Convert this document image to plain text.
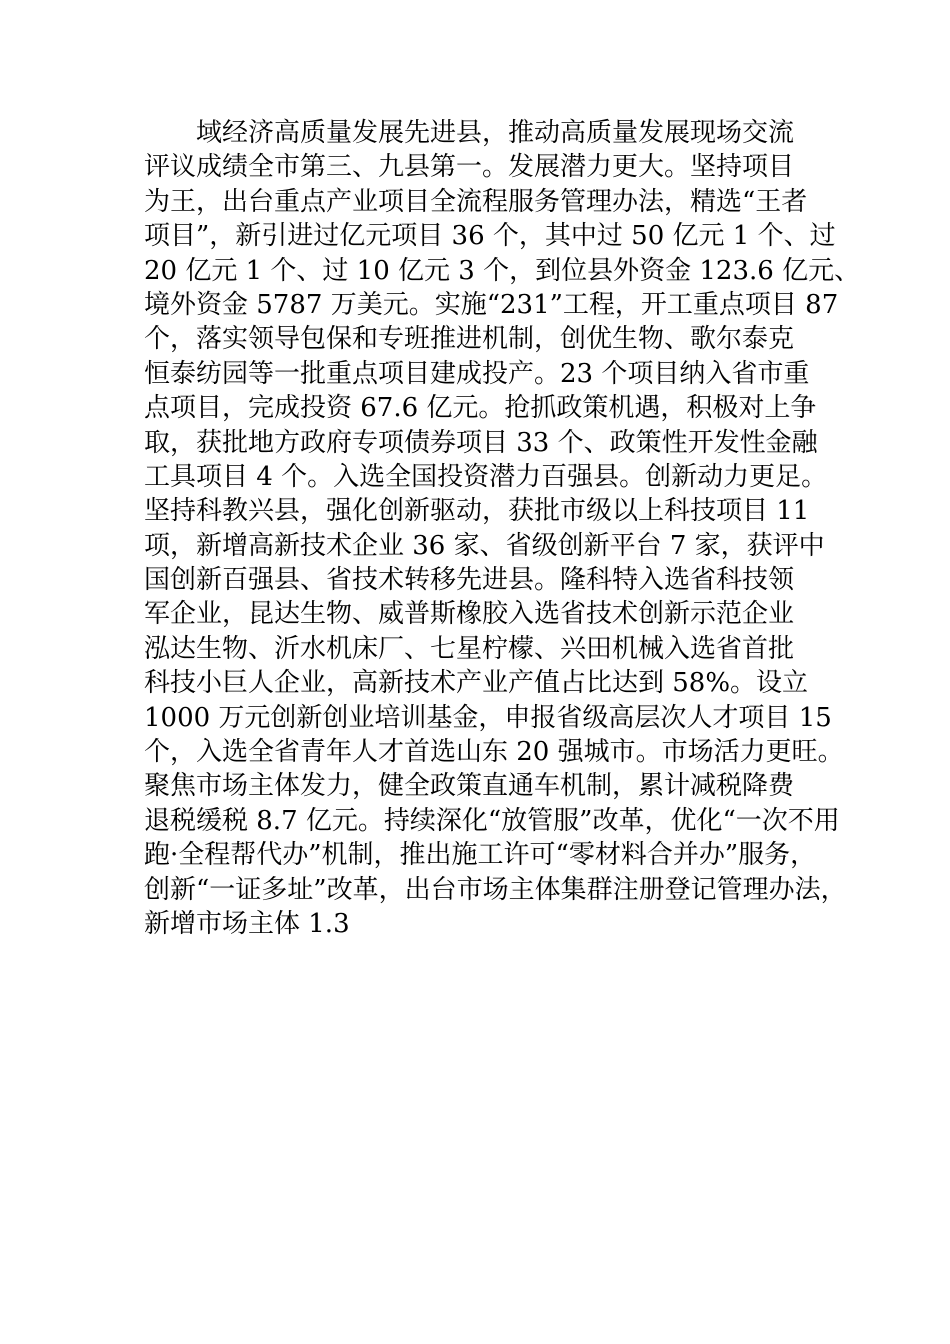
域经济高质量发展先进县，推动高质量发展现场交流
评议成绩全市第三、九县第一。发展潜力更大。坚持项目
为王，出台重点产业项目全流程服务管理办法，精选“王者
项目”，新引进过亿元项目 36 个，其中过 50 亿元 1 个、过
20 亿元 1 个、过 10 亿元 3 个，到位县外资金 123.6 亿元、
境外资金 5787 万美元。实施“231”工程，开工重点项目 87
个，落实领导包保和专班推进机制，创优生物、歌尔泰克
恒泰纺园等一批重点项目建成投产。23 个项目纳入省市重
点项目，完成投资 67.6 亿元。抢抓政策机遇，积极对上争
取，获批地方政府专项债券项目 33 个、政策性开发性金融
工具项目 4 个。入选全国投资潜力百强县。创新动力更足。
坚持科教兴县，强化创新驱动，获批市级以上科技项目 11
项，新增高新技术企业 36 家、省级创新平台 7 家，获评中
国创新百强县、省技术转移先进县。隆科特入选省科技领
军企业，昆达生物、威普斯橡胶入选省技术创新示范企业
泓达生物、沂水机床厂、七星柠檬、兴田机械入选省首批
科技小巨人企业，高新技术产业产值占比达到 58%。设立
1000 万元创新创业培训基金，申报省级高层次人才项目 15
个，入选全省青年人才首选山东 20 强城市。市场活力更旺。
聚焦市场主体发力，健全政策直通车机制，累计减税降费
退税缓税 8.7 亿元。持续深化“放管服”改革，优化“一次不用
跑·全程帮代办”机制，推出施工许可“零材料合并办”服务，
创新“一证多址”改革，出台市场主体集群注册登记管理办法，
新增市场主体 1.3
